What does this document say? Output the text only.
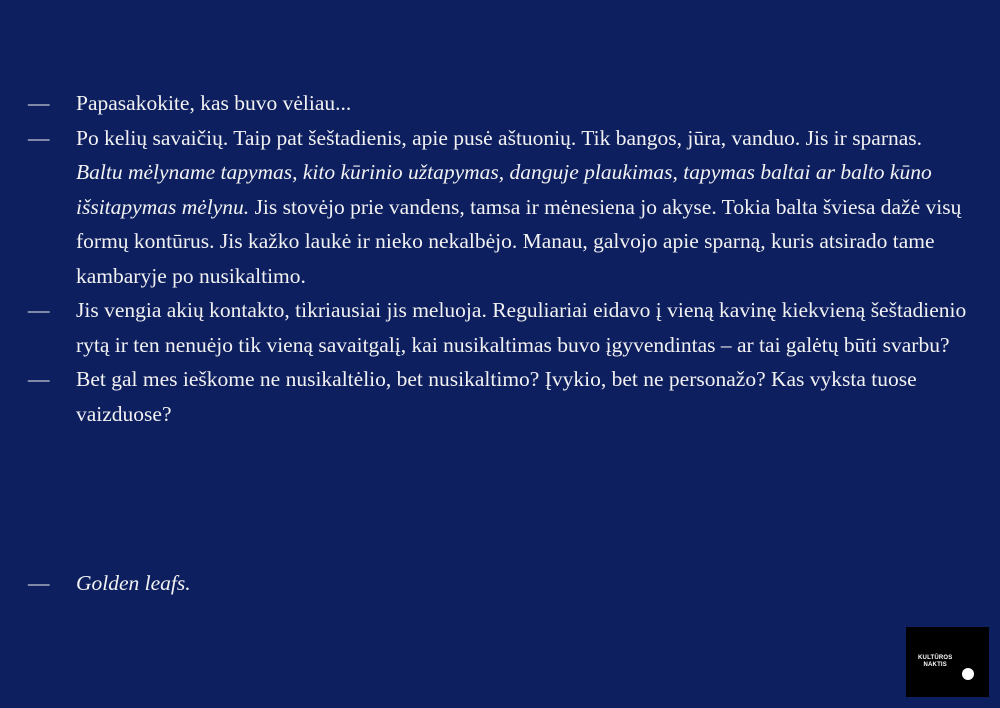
—	Papasakokite, kas buvo vėliau...
—	Po kelių savaičių. Taip pat šeštadienis, apie pusė aštuonių. Tik bangos, jūra, vanduo. Jis ir sparnas. Baltu mėlyname tapymas, kito kūrinio užtapymas, danguje plaukimas, tapymas baltai ar balto kūno išsitapymas mėlynu. Jis stovėjo prie vandens, tamsa ir mėnesiena jo akyse. Tokia balta šviesa dažė visų formų kontūrus. Jis kažko laukė ir nieko nekalbėjo. Manau, galvojo apie sparną, kuris atsirado tame kambaryje po nusikaltimo.
—	Jis vengia akių kontakto, tikriausiai jis meluoja. Reguliariai eidavo į vieną kavinę kiekvieną šeštadienio rytą ir ten nenuėjo tik vieną savaitgalį, kai nusikaltimas buvo įgyvendintas – ar tai galėtų būti svarbu?
—	Bet gal mes ieškome ne nusikaltėlio, bet nusikaltimo? Įvykio, bet ne personažo? Kas vyksta tuose vaizduose?
—	Golden leafs.
KULTŪROS
NAKTIS
